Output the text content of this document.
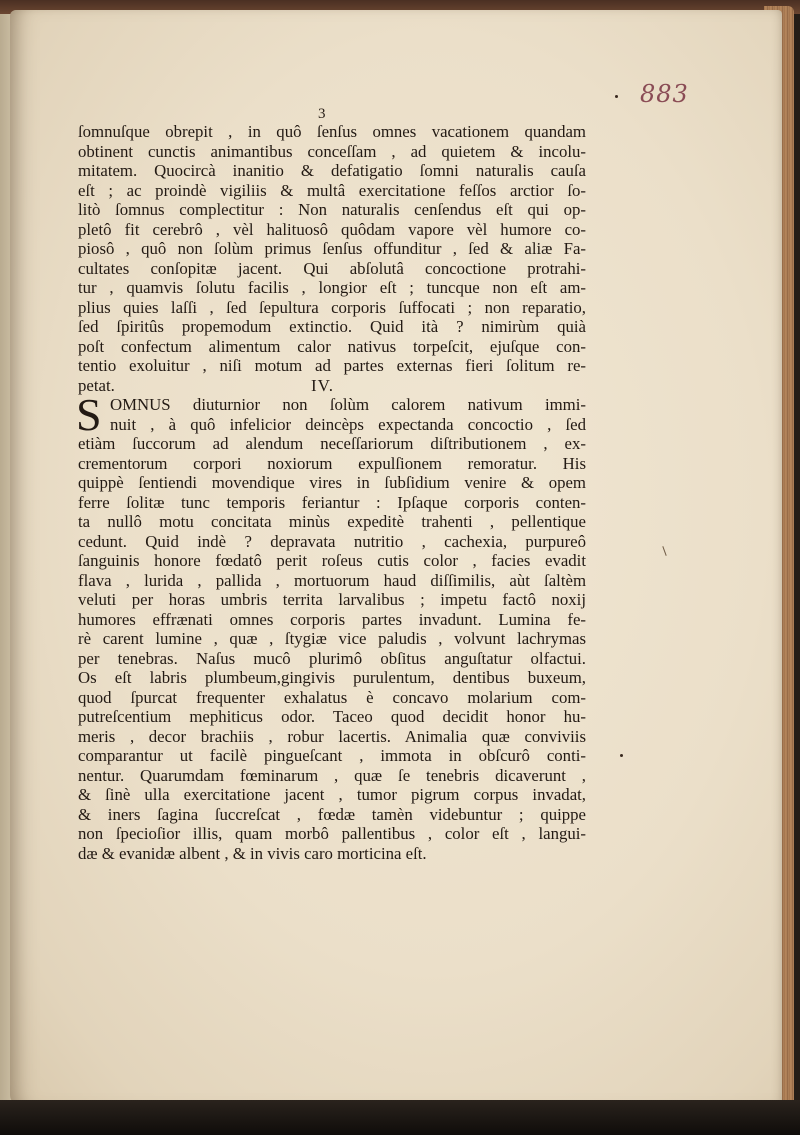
883
3
ſomnuſque obrepit , in quô ſenſus omnes vacationem quandam
obtinent cunctis animantibus conceſſam , ad quietem & incolu-
mitatem. Quocircà inanitio & defatigatio ſomni naturalis cauſa
eſt ; ac proindè vigiliis & multâ exercitatione feſſos arctior ſo-
litò ſomnus complectitur : Non naturalis cenſendus eſt qui op-
pletô fit cerebrô , vèl halituosô quôdam vapore vèl humore co-
piosô , quô non ſolùm primus ſenſus offunditur , ſed & aliæ Fa-
cultates conſopitæ jacent. Qui abſolutâ concoctione protrahi-
tur , quamvis ſolutu facilis , longior eſt ; tuncque non eſt am-
plius quies laſſi , ſed ſepultura corporis ſuffocati ; non reparatio,
ſed ſpiritûs propemodum extinctio. Quid ità ? nimirùm quià
poſt confectum alimentum calor nativus torpeſcit, ejuſque con-
tentio exoluitur , niſi motum ad partes externas fieri ſolitum re-
petat.	IV.
S OMNUS diuturnior non ſolùm calorem nativum immi-
nuit , à quô infelicior deincèps expectanda concoctio , ſed
etiàm ſuccorum ad alendum neceſſariorum diſtributionem , ex-
crementorum corpori noxiorum expulſionem remoratur. His
quippè ſentiendi movendique vires in ſubſidium venire & opem
ferre ſolitæ tunc temporis feriantur : Ipſaque corporis conten-
ta nullô motu concitata minùs expeditè trahenti , pellentique
cedunt. Quid indè ? depravata nutritio , cachexia, purpureô
ſanguinis honore fœdatô perit roſeus cutis color , facies evadit
flava , lurida , pallida , mortuorum haud diſſimilis, aùt ſaltèm
veluti per horas umbris territa larvalibus ; impetu factô noxij
humores effrænati omnes corporis partes invadunt. Lumina fe-
rè carent lumine , quæ , ſtygiæ vice paludis , volvunt lachrymas
per tenebras. Naſus mucô plurimô obſitus anguſtatur olfactui.
Os eſt labris plumbeum,gingivis purulentum, dentibus buxeum,
quod ſpurcat frequenter exhalatus è concavo molarium com-
putreſcentium mephiticus odor. Taceo quod decidit honor hu-
meris , decor brachiis , robur lacertis. Animalia quæ conviviis
comparantur ut facilè pingueſcant , immota in obſcurô conti-
nentur. Quarumdam fœminarum , quæ ſe tenebris dicaverunt ,
& ſinè ulla exercitatione jacent , tumor pigrum corpus invadat,
& iners ſagina ſuccreſcat , fœdæ tamèn videbuntur ; quippe
non ſpecioſior illis, quam morbô pallentibus , color eſt , langui-
dæ & evanidæ albent , & in vivis caro morticina eſt.
